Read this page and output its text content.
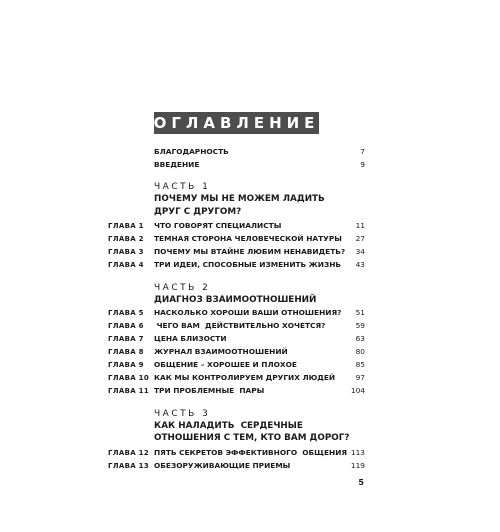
ОГЛАВЛЕНИЕ
БЛАГОДАРНОСТЬ	7
ВВЕДЕНИЕ	9
ЧАСТЬ 1
ПОЧЕМУ МЫ НЕ МОЖЕМ ЛАДИТЬ
ДРУГ С ДРУГОМ?
ГЛАВА 1 ЧТО ГОВОРЯТ СПЕЦИАЛИСТЫ	11
ГЛАВА 2 ТЕМНАЯ СТОРОНА ЧЕЛОВЕЧЕСКОЙ НАТУРЫ 27
ГЛАВА 3 ПОЧЕМУ МЫ ВТАЙНЕ ЛЮБИМ НЕНАВИДЕТЬ? 34
ГЛАВА 4 ТРИ ИДЕИ, СПОСОБНЫЕ ИЗМЕНИТЬ ЖИЗНЬ 43
ЧАСТЬ 2
ДИАГНОЗ ВЗАИМООТНОШЕНИЙ
ГЛАВА 5 НАСКОЛЬКО ХОРОШИ ВАШИ ОТНОШЕНИЯ? 51
ГЛАВА 6 ЧЕГО ВАМ  ДЕЙСТВИТЕЛЬНО ХОЧЕТСЯ?	59
ГЛАВА 7 ЦЕНА БЛИЗОСТИ	63
ГЛАВА 8 ЖУРНАЛ ВЗАИМООТНОШЕНИЙ	80
ГЛАВА 9 ОБЩЕНИЕ – ХОРОШЕЕ И ПЛОХОЕ	85
ГЛАВА 10 КАК МЫ КОНТРОЛИРУЕМ ДРУГИХ ЛЮДЕЙ	97
ГЛАВА 11 ТРИ ПРОБЛЕМНЫЕ  ПАРЫ	104
ЧАСТЬ 3
КАК НАЛАДИТЬ  СЕРДЕЧНЫЕ
ОТНОШЕНИЯ С ТЕМ, КТО ВАМ ДОРОГ?
ГЛАВА 12 ПЯТЬ СЕКРЕТОВ ЭФФЕКТИВНОГО  ОБЩЕНИЯ 113
ГЛАВА 13 ОБЕЗОРУЖИВАЮЩИЕ ПРИЕМЫ	119
5
